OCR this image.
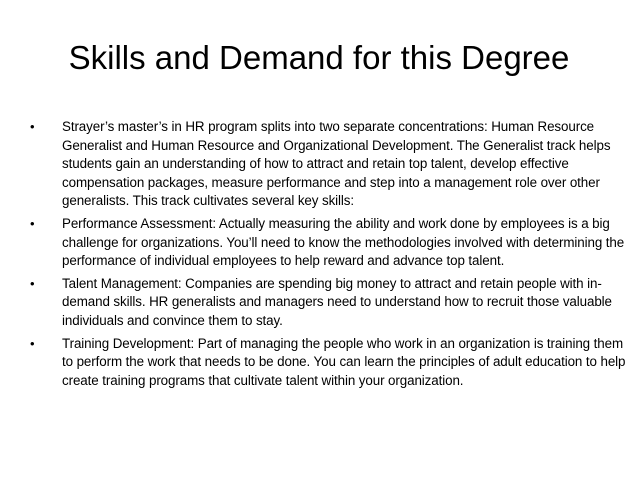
Skills and Demand for this Degree
•	Strayer’s master’s in HR program splits into two separate concentrations: Human Resource Generalist and Human Resource and Organizational Development. The Generalist track helps students gain an understanding of how to attract and retain top talent, develop effective compensation packages, measure performance and step into a management role over other generalists. This track cultivates several key skills:
•	Performance Assessment: Actually measuring the ability and work done by employees is a big challenge for organizations. You’ll need to know the methodologies involved with determining the performance of individual employees to help reward and advance top talent.
•	Talent Management: Companies are spending big money to attract and retain people with in-demand skills. HR generalists and managers need to understand how to recruit those valuable individuals and convince them to stay.
•	Training Development: Part of managing the people who work in an organization is training them to perform the work that needs to be done. You can learn the principles of adult education to help create training programs that cultivate talent within your organization.
